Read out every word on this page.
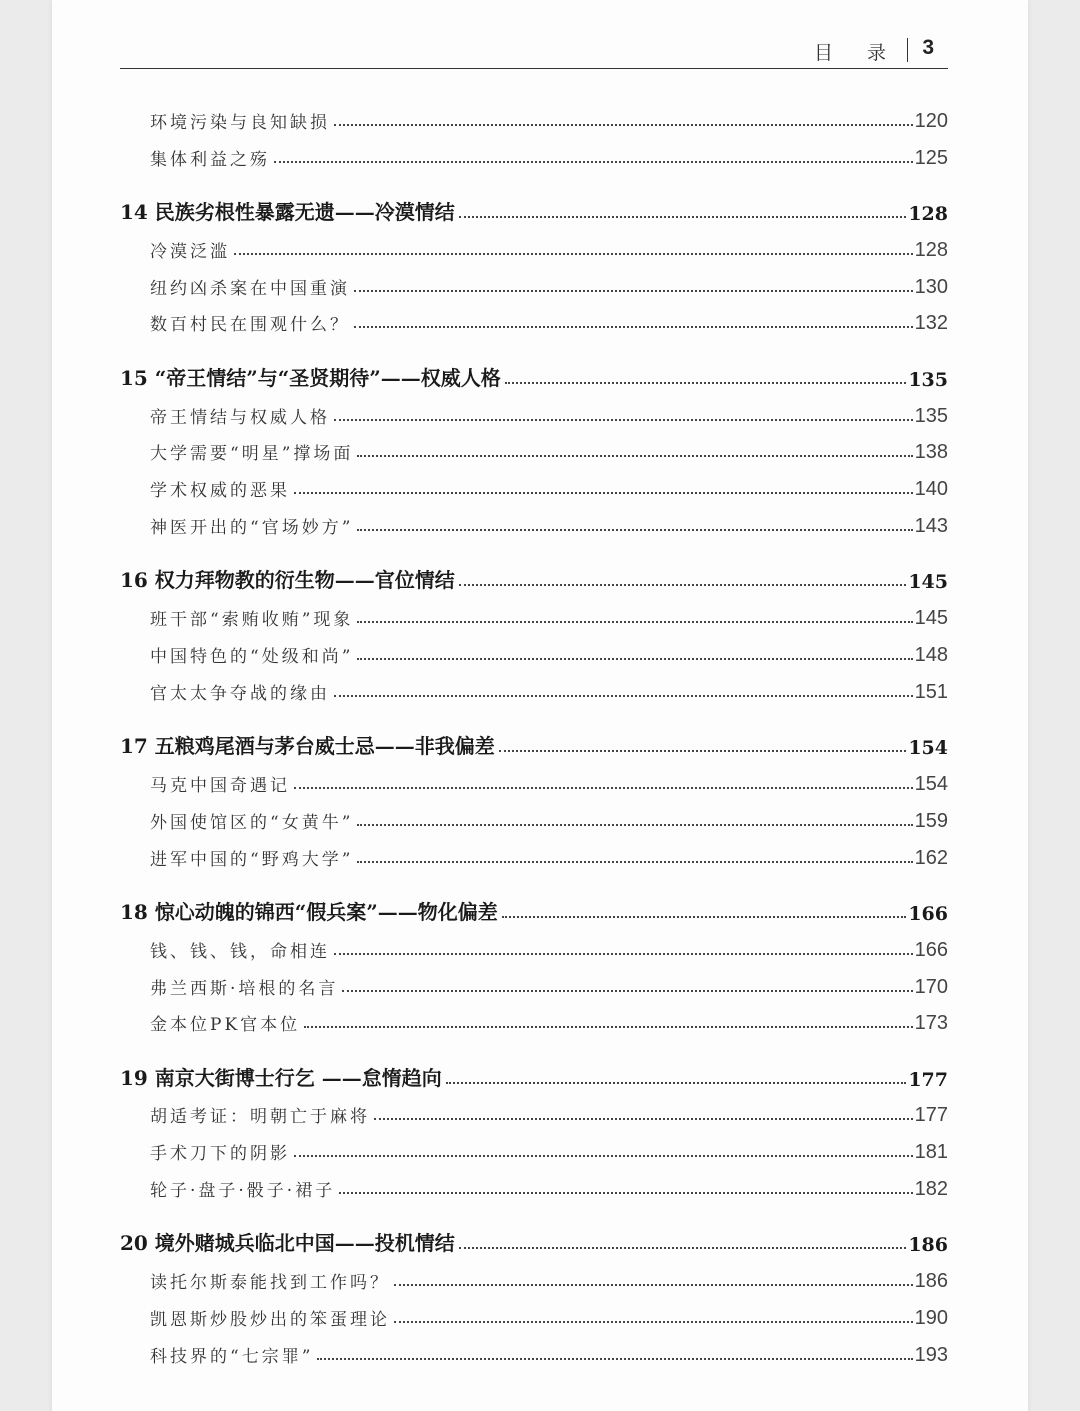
目 录 3
环境污染与良知缺损	120
集体利益之殇	125
14 民族劣根性暴露无遗——冷漠情结	128
冷漠泛滥	128
纽约凶杀案在中国重演	130
数百村民在围观什么？	132
15 “帝王情结”与“圣贤期待”——权威人格	135
帝王情结与权威人格	135
大学需要“明星”撑场面	138
学术权威的恶果	140
神医开出的“官场妙方”	143
16 权力拜物教的衍生物——官位情结	145
班干部“索贿收贿”现象	145
中国特色的“处级和尚”	148
官太太争夺战的缘由	151
17 五粮鸡尾酒与茅台威士忌——非我偏差	154
马克中国奇遇记	154
外国使馆区的“女黄牛”	159
进军中国的“野鸡大学”	162
18 惊心动魄的锦西“假兵案”——物化偏差	166
钱、钱、钱，命相连	166
弗兰西斯·培根的名言	170
金本位PK官本位	173
19 南京大街博士行乞 ——怠惰趋向	177
胡适考证：明朝亡于麻将	177
手术刀下的阴影	181
轮子·盘子·骰子·裙子	182
20 境外赌城兵临北中国——投机情结	186
读托尔斯泰能找到工作吗？	186
凯恩斯炒股炒出的笨蛋理论	190
科技界的“七宗罪”	193
